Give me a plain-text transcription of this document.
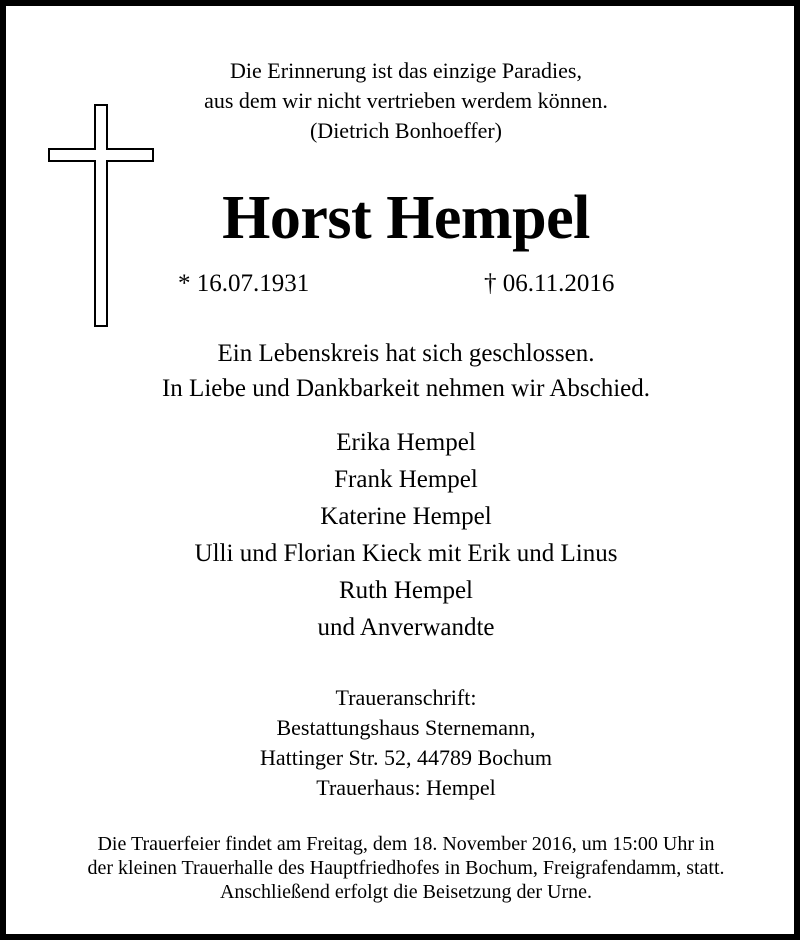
Die Erinnerung ist das einzige Paradies,
aus dem wir nicht vertrieben werdem können.
(Dietrich Bonhoeffer)
Horst Hempel
* 16.07.1931	† 06.11.2016
Ein Lebenskreis hat sich geschlossen.
In Liebe und Dankbarkeit nehmen wir Abschied.
Erika Hempel
Frank Hempel
Katerine Hempel
Ulli und Florian Kieck mit Erik und Linus
Ruth Hempel
und Anverwandte
Traueranschrift:
Bestattungshaus Sternemann,
Hattinger Str. 52, 44789 Bochum
Trauerhaus: Hempel
Die Trauerfeier findet am Freitag, dem 18. November 2016, um 15:00 Uhr in
der kleinen Trauerhalle des Hauptfriedhofes in Bochum, Freigrafendamm, statt.
Anschließend erfolgt die Beisetzung der Urne.
